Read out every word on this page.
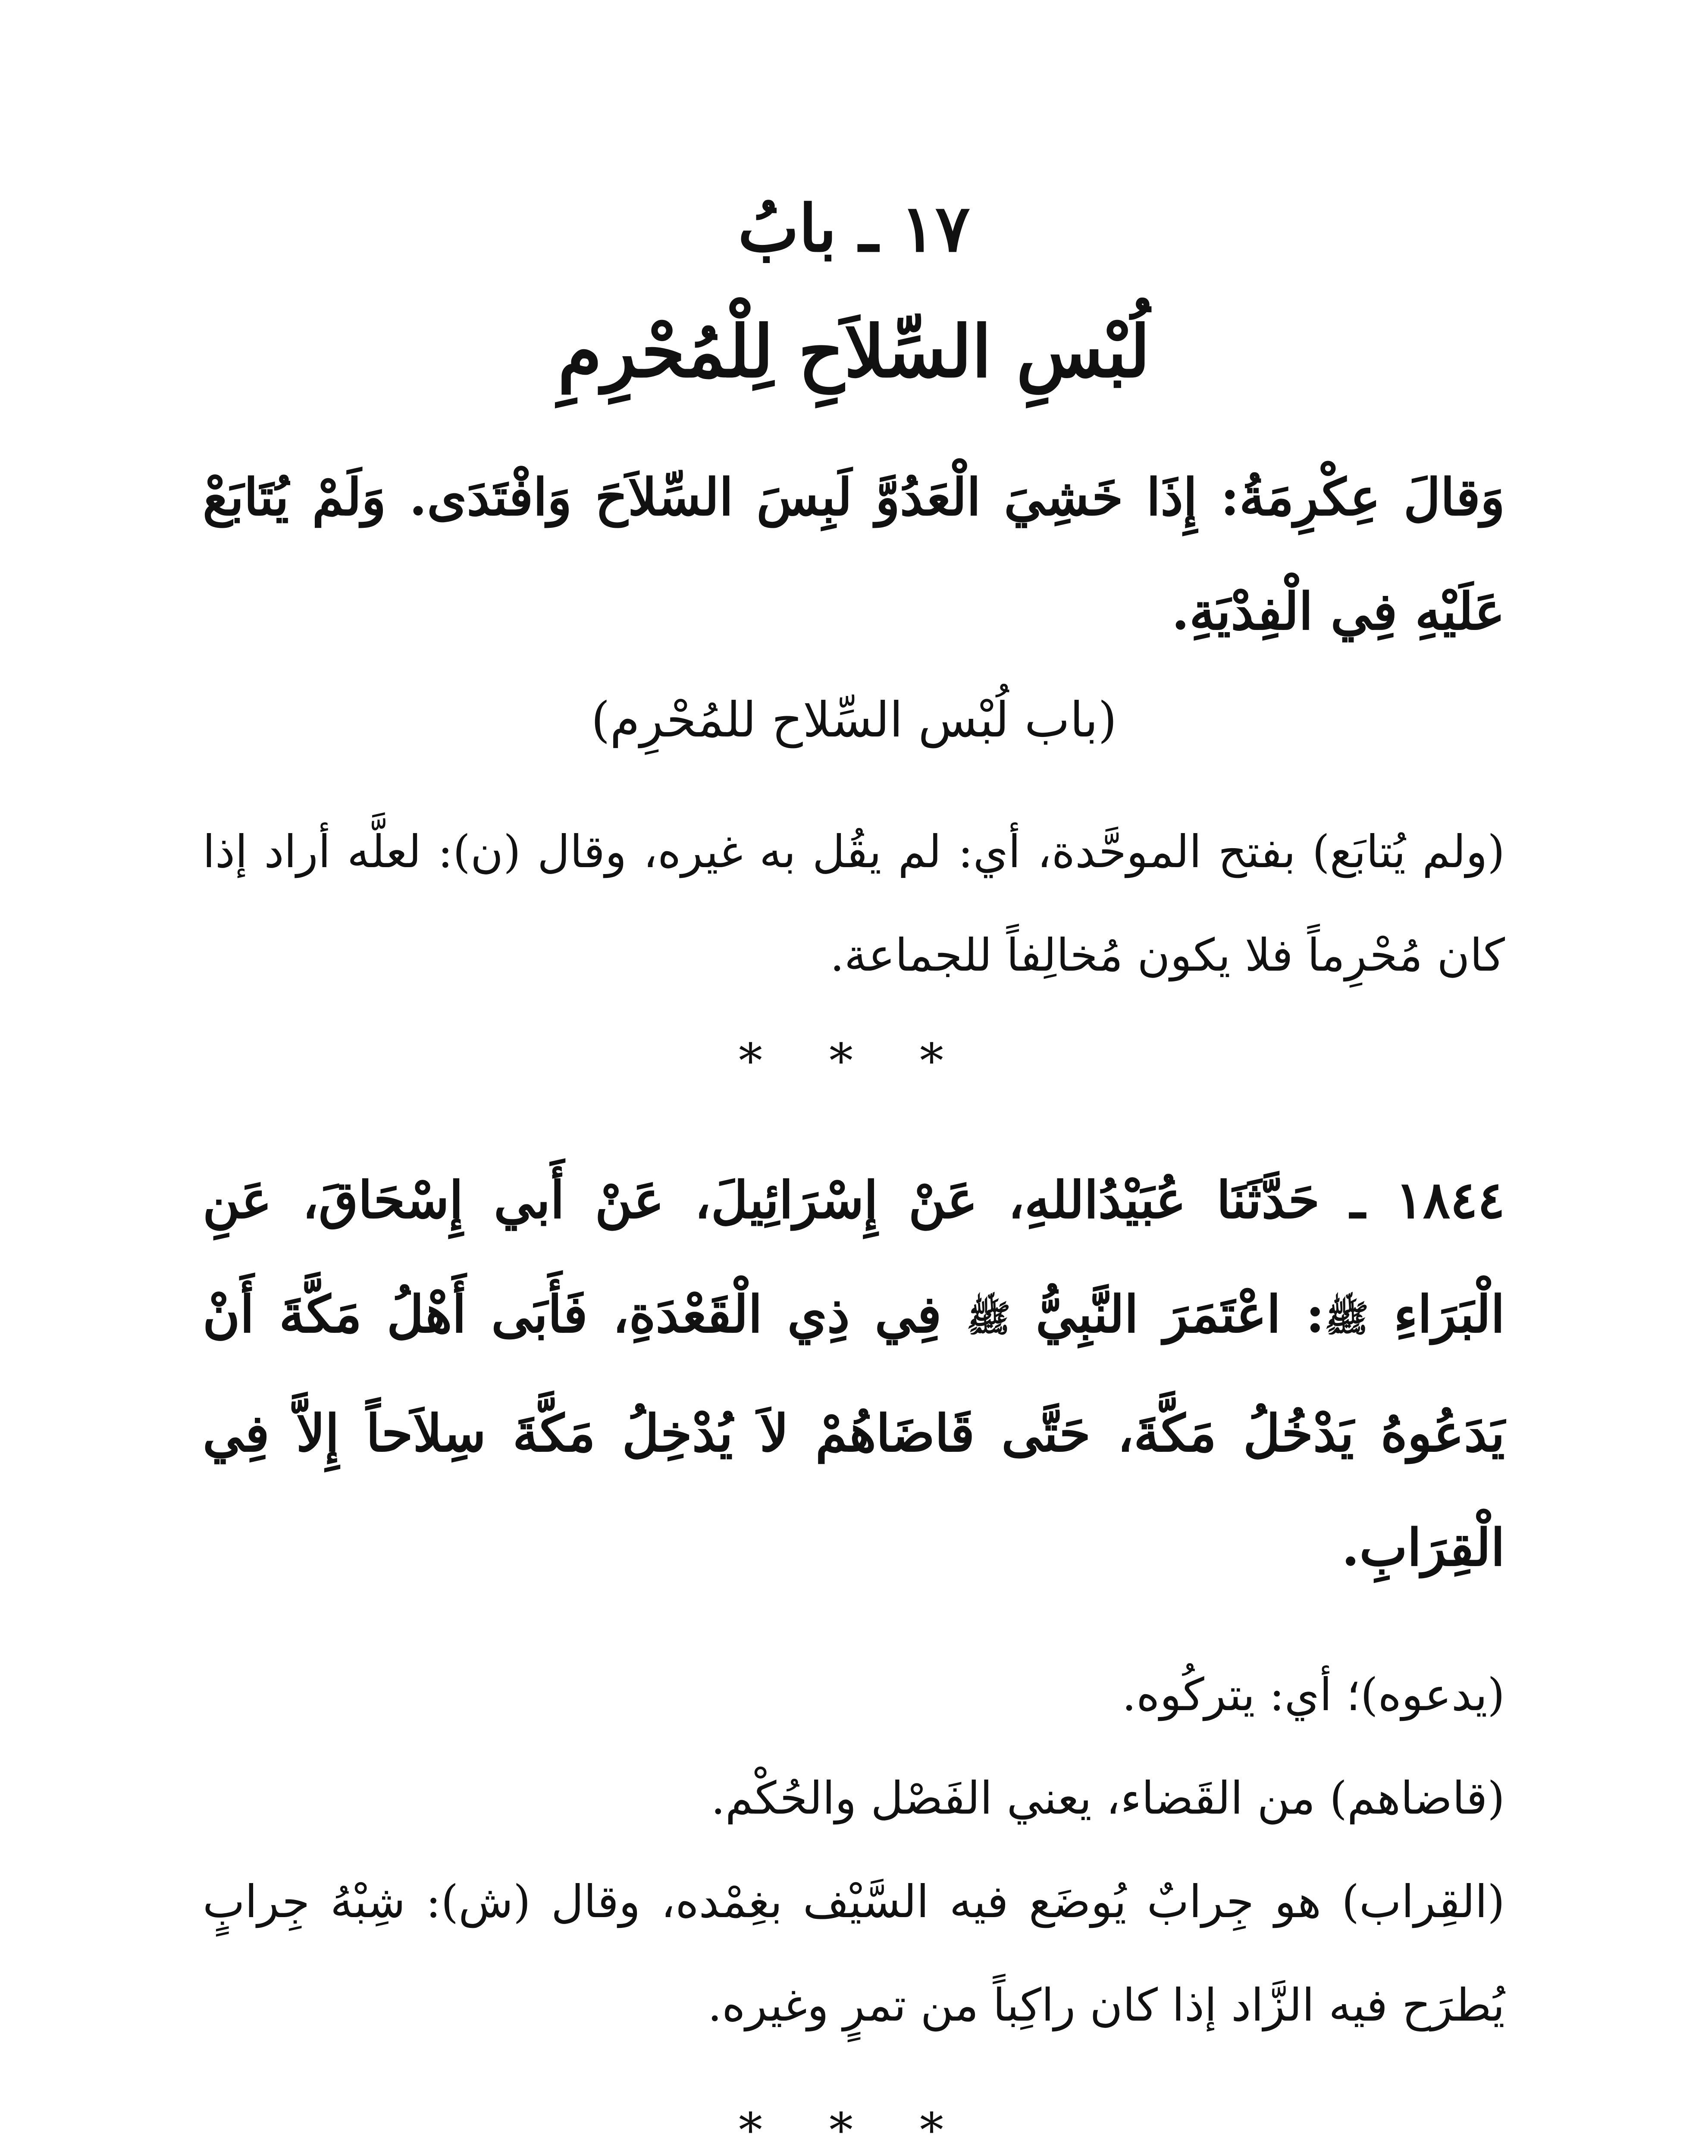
١٧ ـ بابُ
لُبْسِ السِّلاَحِ لِلْمُحْرِمِ
وَقالَ عِكْرِمَةُ: إِذَا خَشِيَ الْعَدُوَّ لَبِسَ السِّلاَحَ وَافْتَدَى. وَلَمْ يُتَابَعْ عَلَيْهِ فِي الْفِدْيَةِ.
(باب لُبْس السِّلاح للمُحْرِم)
(ولم يُتابَع) بفتح الموحَّدة، أي: لم يقُل به غيره، وقال (ن): لعلَّه أراد إذا كان مُحْرِماً فلا يكون مُخالِفاً للجماعة.
* * *
١٨٤٤ ـ حَدَّثَنَا عُبَيْدُاللهِ، عَنْ إِسْرَائِيلَ، عَنْ أَبي إِسْحَاقَ، عَنِ الْبَرَاءِ ﷺ: اعْتَمَرَ النَّبِيُّ ﷺ فِي ذِي الْقَعْدَةِ، فَأَبَى أَهْلُ مَكَّةَ أَنْ يَدَعُوهُ يَدْخُلُ مَكَّةَ، حَتَّى قَاضَاهُمْ لاَ يُدْخِلُ مَكَّةَ سِلاَحاً إِلاَّ فِي الْقِرَابِ.
(يدعوه)؛ أي: يتركُوه.
(قاضاهم) من القَضاء، يعني الفَصْل والحُكْم.
(القِراب) هو جِرابٌ يُوضَع فيه السَّيْف بغِمْده، وقال (ش): شِبْهُ جِرابٍ يُطرَح فيه الزَّاد إذا كان راكِباً من تمرٍ وغيره.
* * *
